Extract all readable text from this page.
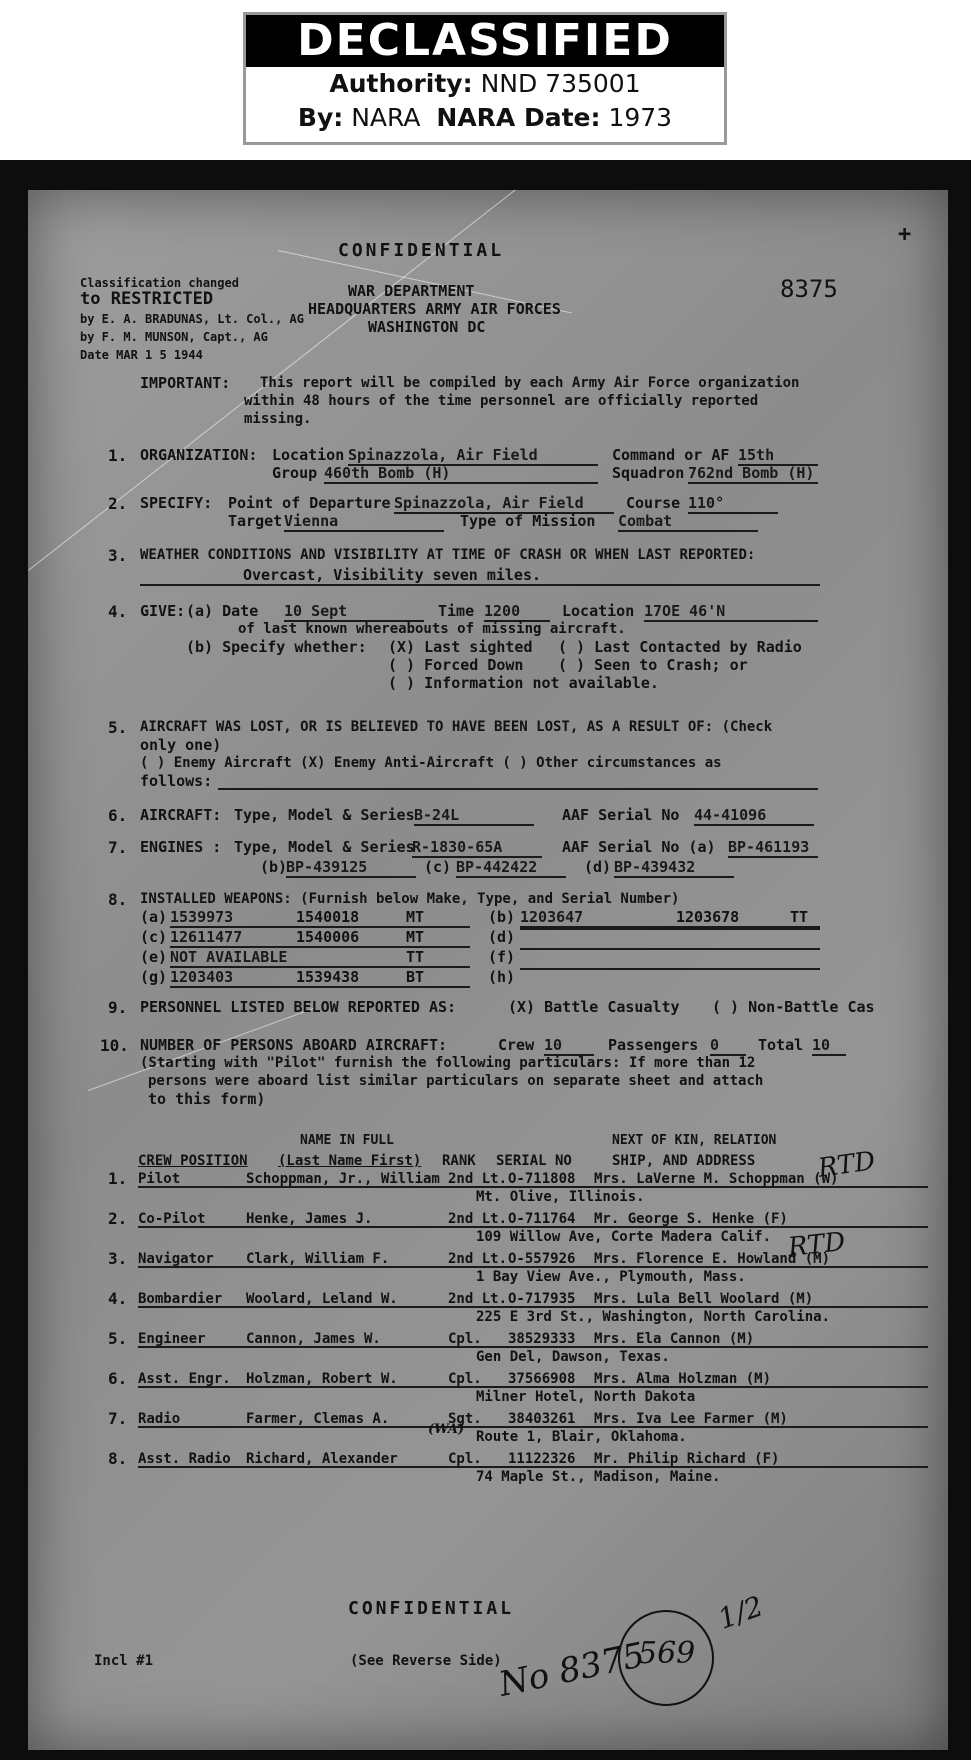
DECLASSIFIED
Authority: NND 735001
By: NARA NARA Date: 1973
CONFIDENTIAL
WAR DEPARTMENT
HEADQUARTERS ARMY AIR FORCES
WASHINGTON DC
8375
+
Classification changed
to RESTRICTED
by E. A. BRADUNAS, Lt. Col., AG
by F. M. MUNSON, Capt., AG
Date MAR 1 5 1944
IMPORTANT: This report will be compiled by each Army Air Force organization
within 48 hours of the time personnel are officially reported
missing.
1. ORGANIZATION: Location Spinazzola, Air Field	Command or AF 15th
Group 460th Bomb (H)	Squadron 762nd Bomb (H)
2. SPECIFY: Point of Departure Spinazzola, Air Field	Course 110°
Target Vienna	Type of Mission Combat
3. WEATHER CONDITIONS AND VISIBILITY AT TIME OF CRASH OR WHEN LAST REPORTED:
Overcast, Visibility seven miles.
4. GIVE: (a) Date 10 Sept	Time 1200	Location 17OE 46'N
of last known whereabouts of missing aircraft.
(b) Specify whether: (X) Last sighted ( ) Last Contacted by Radio
( ) Forced Down ( ) Seen to Crash; or
( ) Information not available.
5. AIRCRAFT WAS LOST, OR IS BELIEVED TO HAVE BEEN LOST, AS A RESULT OF: (Check
only one)
( ) Enemy Aircraft (X) Enemy Anti-Aircraft ( ) Other circumstances as
follows:
6. AIRCRAFT: Type, Model & Series B-24L	AAF Serial No 44-41096
7. ENGINES : Type, Model & Series
R-1830-65A	AAF Serial No (a) BP-461193
(b)
BP-439125	(c) BP-442422	(d) BP-439432
8. INSTALLED WEAPONS: (Furnish below Make, Type, and Serial Number)
(a) 1539973	1540018	MT	(b) 1203647	1203678	TT
(c) 12611477	1540006	MT	(d)
(e) NOT AVAILABLE	TT	(f)
(g) 1203403	1539438	BT	(h)
9. PERSONNEL LISTED BELOW REPORTED AS:	(X) Battle Casualty ( ) Non-Battle Cas
10. NUMBER OF PERSONS ABOARD AIRCRAFT:	Crew 10	Passengers 0	Total 10
(Starting with "Pilot" furnish the following particulars: If more than 12
persons were aboard list similar particulars on separate sheet and attach
to this form)
NAME IN FULL	NEXT OF KIN, RELATION
CREW POSITION (Last Name First) RANK SERIAL NO	SHIP, AND ADDRESS
1. Pilot	Schoppman, Jr., William 2nd Lt. O-711808 Mrs. LaVerne M. Schoppman (W)
Mt. Olive, Illinois.
2. Co-Pilot	Henke, James J.	2nd Lt. O-711764 Mr. George S. Henke (F)
109 Willow Ave, Corte Madera Calif.
3. Navigator Clark, William F.	2nd Lt. O-557926 Mrs. Florence E. Howland (M)
1 Bay View Ave., Plymouth, Mass.
4. Bombardier Woolard, Leland W.	2nd Lt. O-717935 Mrs. Lula Bell Woolard (M)
225 E 3rd St., Washington, North Carolina.
5. Engineer	Cannon, James W.	Cpl. 38529333 Mrs. Ela Cannon (M)
Gen Del, Dawson, Texas.
6. Asst. Engr. Holzman, Robert W.	Cpl. 37566908 Mrs. Alma Holzman (M)
Milner Hotel, North Dakota
7. Radio	Farmer, Clemas A.	Sgt. 38403261 Mrs. Iva Lee Farmer (M)
Route 1, Blair, Oklahoma.
8. Asst. Radio Richard, Alexander	Cpl. 11122326 Mr. Philip Richard (F)
74 Maple St., Madison, Maine.
RTD
RTD
(WA)
CONFIDENTIAL
Incl #1	(See Reverse Side)
No 8375
569
1/2
